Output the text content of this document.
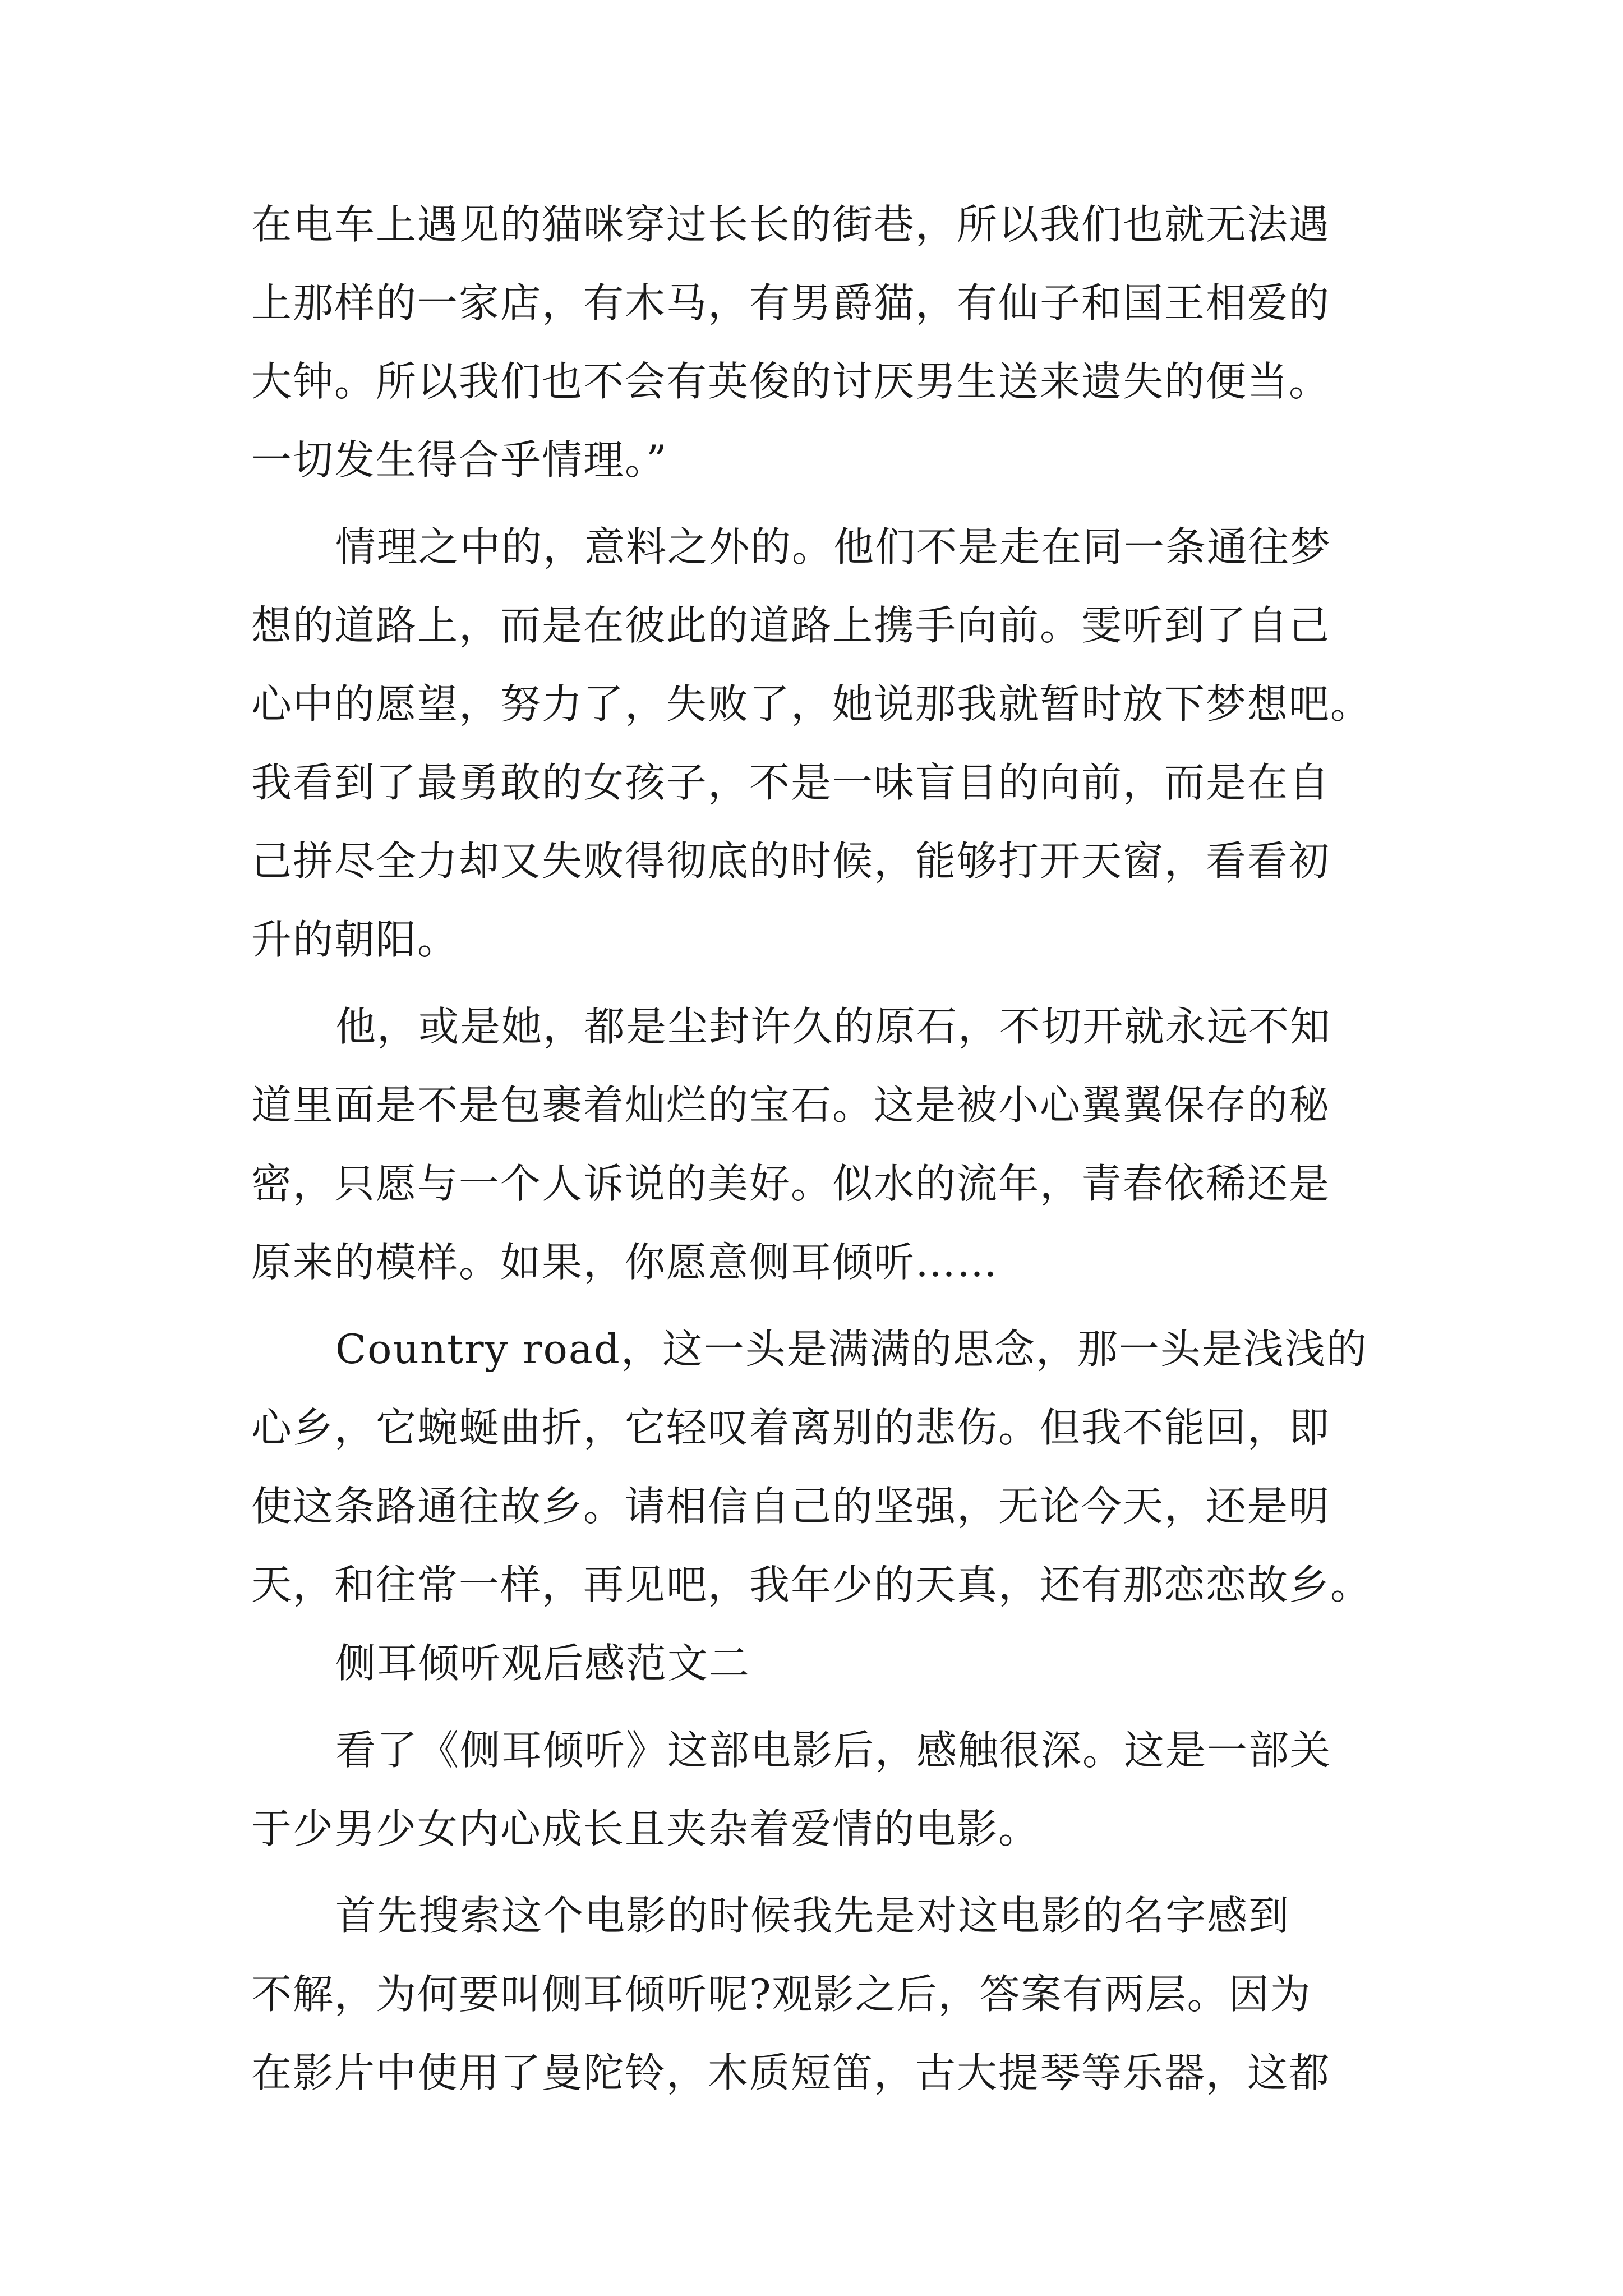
在电车上遇见的猫咪穿过长长的街巷，所以我们也就无法遇
上那样的一家店，有木马，有男爵猫，有仙子和国王相爱的
大钟。所以我们也不会有英俊的讨厌男生送来遗失的便当。
一切发生得合乎情理。”
情理之中的，意料之外的。他们不是走在同一条通往梦
想的道路上，而是在彼此的道路上携手向前。雯听到了自己
心中的愿望，努力了，失败了，她说那我就暂时放下梦想吧。
我看到了最勇敢的女孩子，不是一味盲目的向前，而是在自
己拼尽全力却又失败得彻底的时候，能够打开天窗，看看初
升的朝阳。
他，或是她，都是尘封许久的原石，不切开就永远不知
道里面是不是包裹着灿烂的宝石。这是被小心翼翼保存的秘
密，只愿与一个人诉说的美好。似水的流年，青春依稀还是
原来的模样。如果，你愿意侧耳倾听……
Country road，这一头是满满的思念，那一头是浅浅的
心乡，它蜿蜒曲折，它轻叹着离别的悲伤。但我不能回，即
使这条路通往故乡。请相信自己的坚强，无论今天，还是明
天，和往常一样，再见吧，我年少的天真，还有那恋恋故乡。
侧耳倾听观后感范文二
看了《侧耳倾听》这部电影后，感触很深。这是一部关
于少男少女内心成长且夹杂着爱情的电影。
首先搜索这个电影的时候我先是对这电影的名字感到
不解，为何要叫侧耳倾听呢?观影之后，答案有两层。因为
在影片中使用了曼陀铃，木质短笛，古大提琴等乐器，这都
